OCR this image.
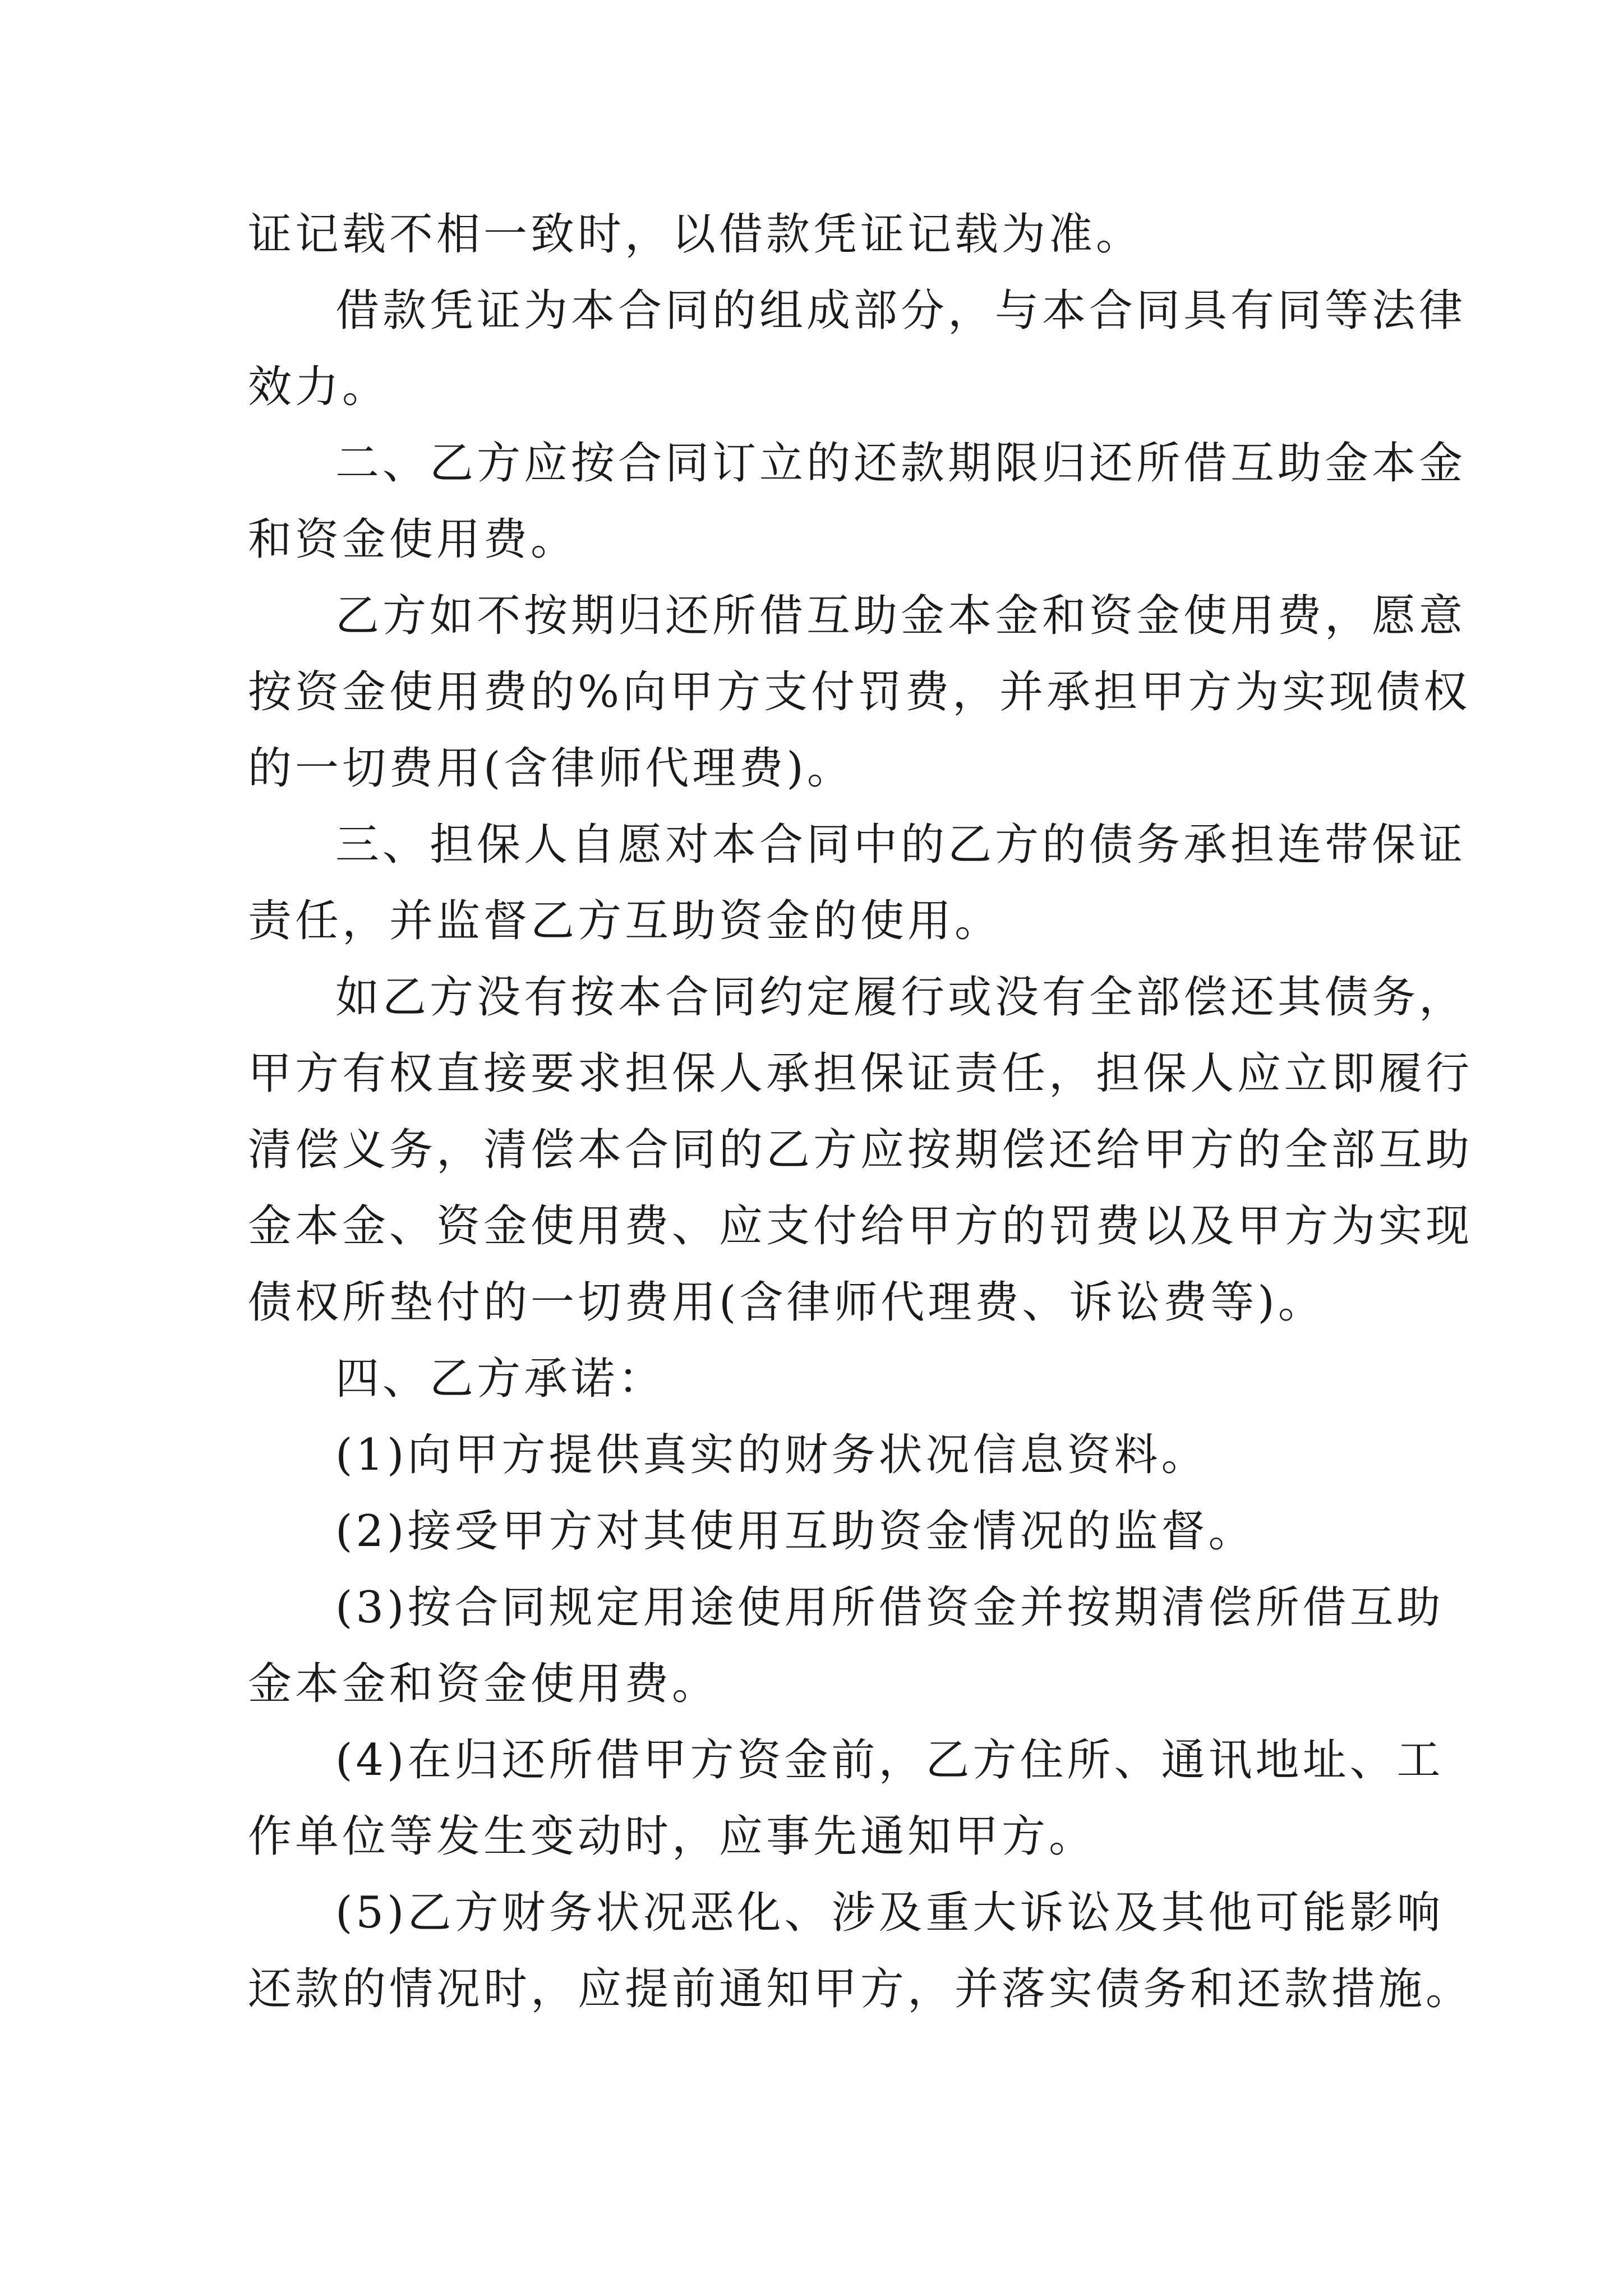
证记载不相一致时，以借款凭证记载为准。
借款凭证为本合同的组成部分，与本合同具有同等法律
效力。
二、乙方应按合同订立的还款期限归还所借互助金本金
和资金使用费。
乙方如不按期归还所借互助金本金和资金使用费，愿意
按资金使用费的%向甲方支付罚费，并承担甲方为实现债权
的一切费用(含律师代理费)。
三、担保人自愿对本合同中的乙方的债务承担连带保证
责任，并监督乙方互助资金的使用。
如乙方没有按本合同约定履行或没有全部偿还其债务，
甲方有权直接要求担保人承担保证责任，担保人应立即履行
清偿义务，清偿本合同的乙方应按期偿还给甲方的全部互助
金本金、资金使用费、应支付给甲方的罚费以及甲方为实现
债权所垫付的一切费用(含律师代理费、诉讼费等)。
四、乙方承诺：
(1)向甲方提供真实的财务状况信息资料。
(2)接受甲方对其使用互助资金情况的监督。
(3)按合同规定用途使用所借资金并按期清偿所借互助
金本金和资金使用费。
(4)在归还所借甲方资金前，乙方住所、通讯地址、工
作单位等发生变动时，应事先通知甲方。
(5)乙方财务状况恶化、涉及重大诉讼及其他可能影响
还款的情况时，应提前通知甲方，并落实债务和还款措施。
